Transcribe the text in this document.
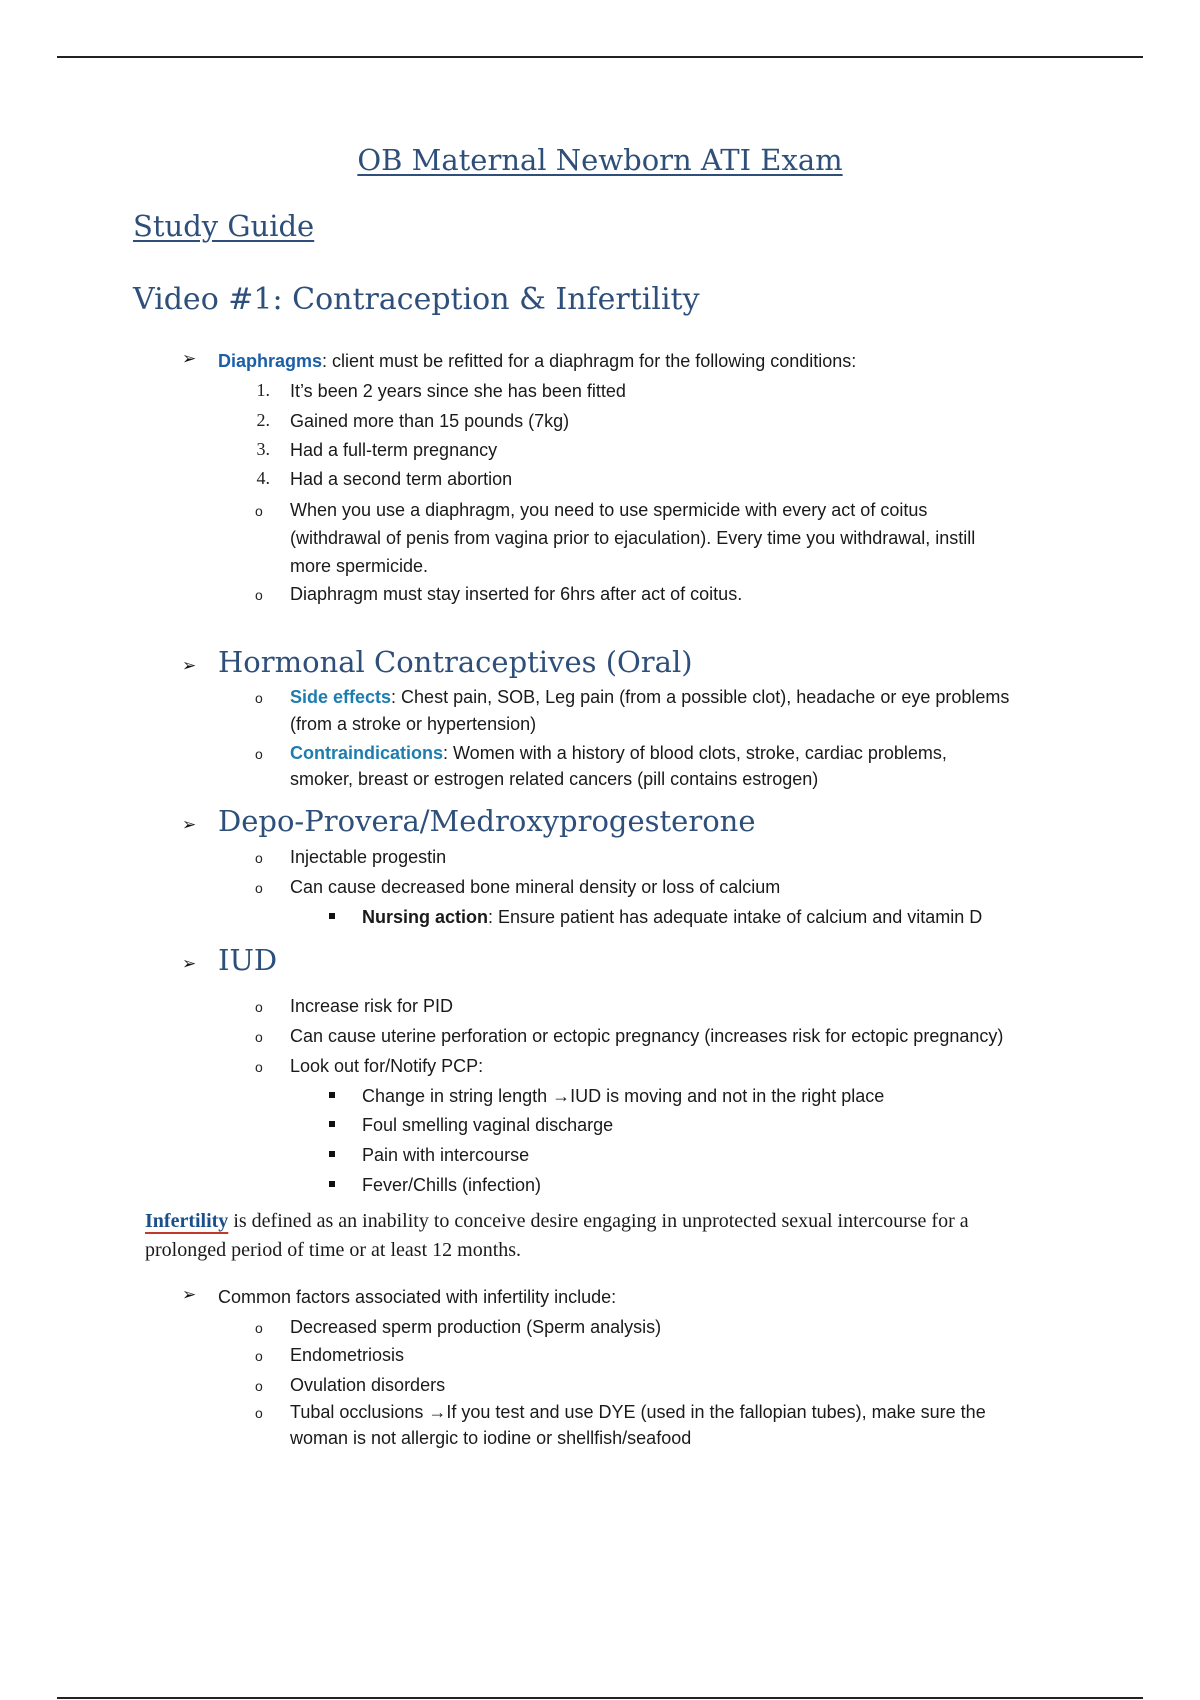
OB Maternal Newborn ATI Exam
Study Guide
Video #1: Contraception & Infertility
➢ Diaphragms: client must be refitted for a diaphragm for the following conditions:
1. It’s been 2 years since she has been fitted
2. Gained more than 15 pounds (7kg)
3. Had a full-term pregnancy
4. Had a second term abortion
o When you use a diaphragm, you need to use spermicide with every act of coitus
(withdrawal of penis from vagina prior to ejaculation). Every time you withdrawal, instill
more spermicide.
o Diaphragm must stay inserted for 6hrs after act of coitus.
➢ Hormonal Contraceptives (Oral)
o Side effects: Chest pain, SOB, Leg pain (from a possible clot), headache or eye problems
(from a stroke or hypertension)
o Contraindications: Women with a history of blood clots, stroke, cardiac problems,
smoker, breast or estrogen related cancers (pill contains estrogen)
➢ Depo-Provera/Medroxyprogesterone
o Injectable progestin
o Can cause decreased bone mineral density or loss of calcium
Nursing action: Ensure patient has adequate intake of calcium and vitamin D
➢ IUD
o Increase risk for PID
o Can cause uterine perforation or ectopic pregnancy (increases risk for ectopic pregnancy)
o Look out for/Notify PCP:
Change in string length →IUD is moving and not in the right place
Foul smelling vaginal discharge
Pain with intercourse
Fever/Chills (infection)
Infertility is defined as an inability to conceive desire engaging in unprotected sexual intercourse for a
prolonged period of time or at least 12 months.
➢ Common factors associated with infertility include:
o Decreased sperm production (Sperm analysis)
o Endometriosis
o Ovulation disorders
o Tubal occlusions →If you test and use DYE (used in the fallopian tubes), make sure the
woman is not allergic to iodine or shellfish/seafood
